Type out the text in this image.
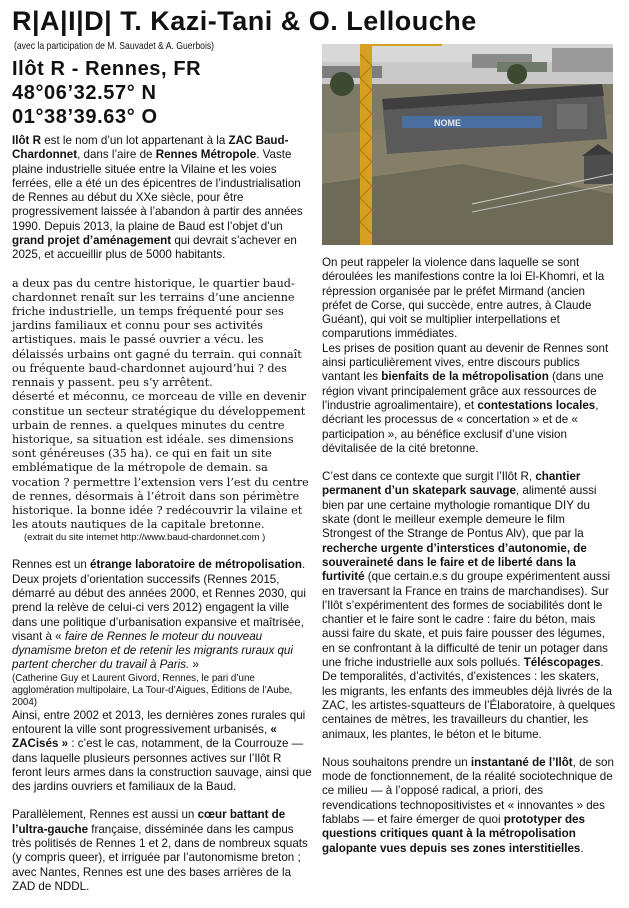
R|A|I|D| T. Kazi-Tani & O. Lellouche
(avec la participation de M. Sauvadet & A. Guerbois)
Ilôt R - Rennes, FR
48°06’32.57° N
01°38’39.63° O	NOME

Ilôt R est le nom d’un lot appartenant à la ZAC Baud-Chardonnet, dans l’aire de Rennes Métropole. Vaste plaine industrielle située entre la Vilaine et les voies ferrées, elle a été un des épicentres de l’industrialisation de Rennes au début du XXe siècle, pour être progressivement laissée à l’abandon à partir des années 1990. Depuis 2013, la plaine de Baud est l’objet d’un grand projet d’aménagement qui devrait s’achever en 2025, et accueillir plus de 5000 habitants.

a deux pas du centre historique, le quartier baud-chardonnet renaît sur les terrains d’une ancienne friche industrielle, un temps fréquenté pour ses jardins familiaux et connu pour ses activités artistiques. mais le passé ouvrier a vécu. les délaissés urbains ont gagné du terrain. qui connaît ou fréquente baud-chardonnet aujourd’hui ? des rennais y passent. peu s’y arrêtent.

déserté et méconnu, ce morceau de ville en devenir constitue un secteur stratégique du développement urbain de rennes. a quelques minutes du centre historique, sa situation est idéale. ses dimensions sont généreuses (35 ha). ce qui en fait un site emblématique de la métropole de demain. sa vocation ? permettre l’extension vers l’est du centre de rennes, désormais à l’étroit dans son périmètre historique. la bonne idée ? redécouvrir la vilaine et les atouts nautiques de la capitale bretonne.

(extrait du site internet http://www.baud-chardonnet.com )

Rennes est un étrange laboratoire de métropolisation. Deux projets d’orientation successifs (Rennes 2015, démarré au début des années 2000, et Rennes 2030, qui prend la relève de celui-ci vers 2012) engagent la ville dans une politique d’urbanisation expansive et maîtrisée, visant à « faire de Rennes le moteur du nouveau dynamisme breton et de retenir les migrants ruraux qui partent chercher du travail à Paris. »
(Catherine Guy et Laurent Givord, Rennes, le pari d’une agglomération multipolaire, La Tour-d’Aigues, Éditions de l’Aube, 2004)

Ainsi, entre 2002 et 2013, les dernières zones rurales qui entourent la ville sont progressivement urbanisés, « ZACisés » : c’est le cas, notamment, de la Courrouze — dans laquelle plusieurs personnes actives sur l’Ilôt R feront leurs armes dans la construction sauvage, ainsi que des jardins ouvriers et familiaux de la Baud.

Parallèlement, Rennes est aussi un cœur battant de l’ultra-gauche française, disséminée dans les campus très politisés de Rennes 1 et 2, dans de nombreux squats (y compris queer), et irriguée par l’autonomisme breton ; avec Nantes, Rennes est une des bases arrières de la ZAD de NDDL.

On peut rappeler la violence dans laquelle se sont déroulées les manifestions contre la loi El-Khomri, et la répression organisée par le préfet Mirmand (ancien préfet de Corse, qui succède, entre autres, à Claude Guéant), qui voit se multiplier interpellations et comparutions immédiates.

Les prises de position quant au devenir de Rennes sont ainsi particulièrement vives, entre discours publics vantant les bienfaits de la métropolisation (dans une région vivant principalement grâce aux ressources de l’industrie agroalimentaire), et contestations locales, décriant les processus de « concertation » et de « participation », au bénéfice exclusif d’une vision dévitalisée de la cité bretonne.

C’est dans ce contexte que surgit l’Ilôt R, chantier permanent d’un skatepark sauvage, alimenté aussi bien par une certaine mythologie romantique DIY du skate (dont le meilleur exemple demeure le film Strongest of the Strange de Pontus Alv), que par la recherche urgente d’interstices d’autonomie, de souveraineté dans le faire et de liberté dans la furtivité (que certain.e.s du groupe expérimentent aussi en traversant la France en trains de marchandises). Sur l’Ilôt s’expérimentent des formes de sociabilités dont le chantier et le faire sont le cadre : faire du béton, mais aussi faire du skate, et puis faire pousser des légumes, en se confrontant à la difficulté de tenir un potager dans une friche industrielle aux sols pollués. Téléscopages. De temporalités, d’activités, d’existences : les skaters, les migrants, les enfants des immeubles déjà livrés de la ZAC, les artistes-squatteurs de l’Élaboratoire, à quelques centaines de mètres, les travailleurs du chantier, les animaux, les plantes, le béton et le bitume.

Nous souhaitons prendre un instantané de l’Ilôt, de son mode de fonctionnement, de la réalité sociotechnique de ce milieu — à l’opposé radical, a priori, des revendications technopositivistes et « innovantes » des fablabs — et faire émerger de quoi prototyper des questions critiques quant à la métropolisation galopante vues depuis ses zones interstitielles.
